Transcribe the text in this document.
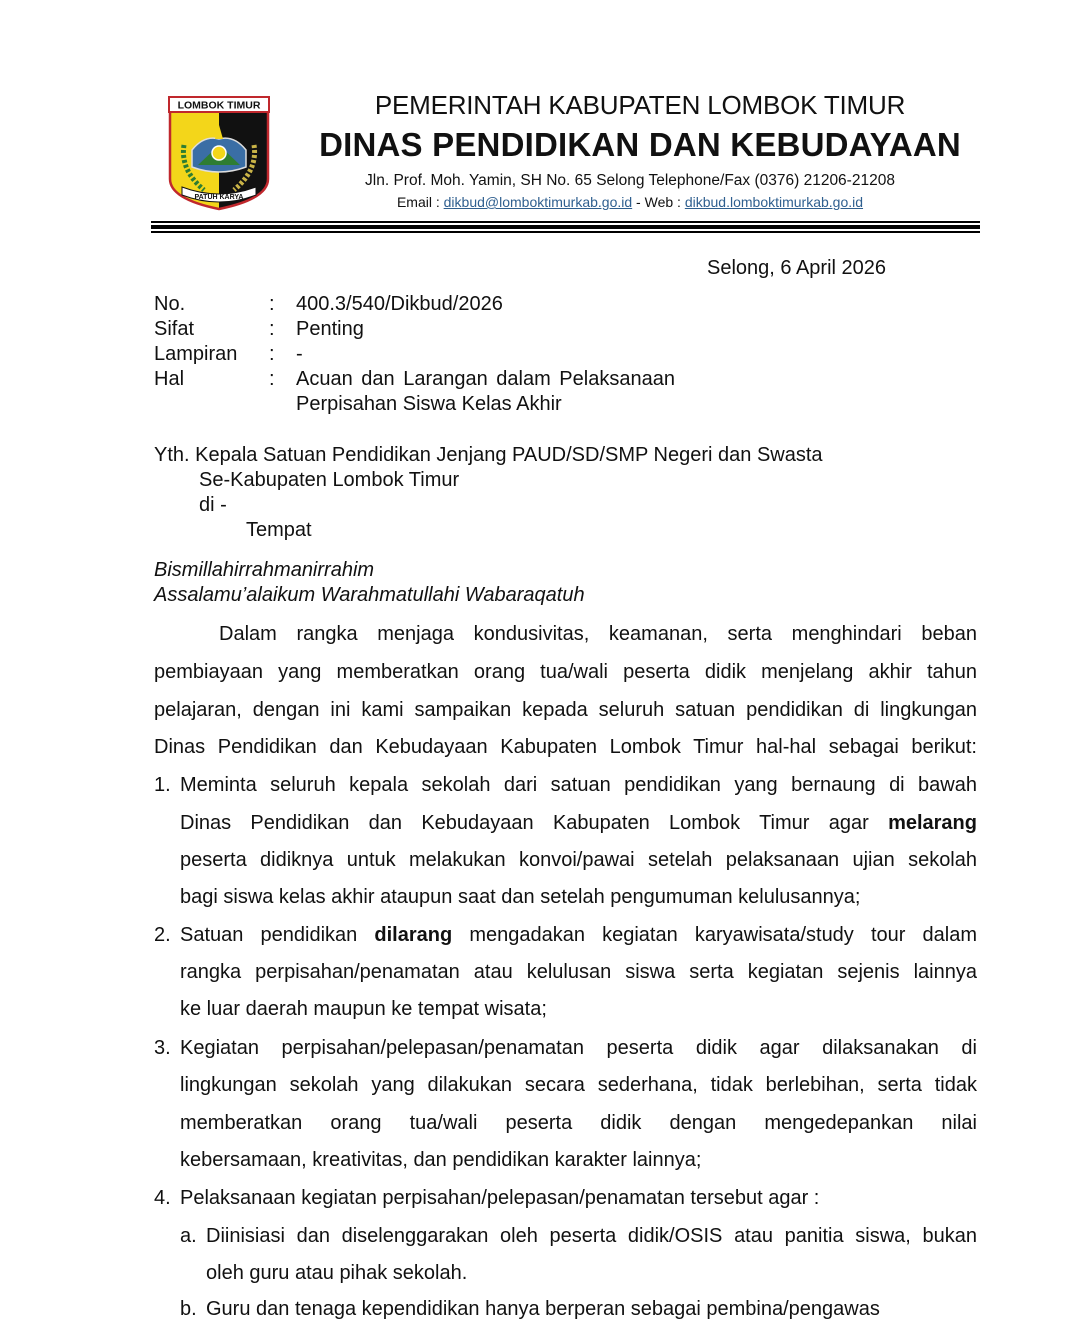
LOMBOK TIMUR
PATUH KARYA
PEMERINTAH KABUPATEN LOMBOK TIMUR
DINAS PENDIDIKAN DAN KEBUDAYAAN
Jln. Prof. Moh. Yamin, SH No. 65 Selong Telephone/Fax (0376) 21206-21208
Email : dikbud@lomboktimurkab.go.id - Web : dikbud.lomboktimurkab.go.id
Selong, 6 April 2026
No.	: 400.3/540/Dikbud/2026
Sifat	: Penting
Lampiran : -
Hal	: Acuan dan Larangan dalam Pelaksanaan
Perpisahan Siswa Kelas Akhir
Yth. Kepala Satuan Pendidikan Jenjang PAUD/SD/SMP Negeri dan Swasta
Se-Kabupaten Lombok Timur
di -
Tempat
Bismillahirrahmanirrahim
Assalamu’alaikum Warahmatullahi Wabaraqatuh
Dalam rangka menjaga kondusivitas, keamanan, serta menghindari beban
pembiayaan yang memberatkan orang tua/wali peserta didik menjelang akhir tahun
pelajaran, dengan ini kami sampaikan kepada seluruh satuan pendidikan di lingkungan
Dinas Pendidikan dan Kebudayaan Kabupaten Lombok Timur hal-hal sebagai berikut:
1. Meminta seluruh kepala sekolah dari satuan pendidikan yang bernaung di bawah
Dinas Pendidikan dan Kebudayaan Kabupaten Lombok Timur agar melarang
peserta didiknya untuk melakukan konvoi/pawai setelah pelaksanaan ujian sekolah
bagi siswa kelas akhir ataupun saat dan setelah pengumuman kelulusannya;
2. Satuan pendidikan dilarang mengadakan kegiatan karyawisata/study tour dalam
rangka perpisahan/penamatan atau kelulusan siswa serta kegiatan sejenis lainnya
ke luar daerah maupun ke tempat wisata;
3. Kegiatan perpisahan/pelepasan/penamatan peserta didik agar dilaksanakan di
lingkungan sekolah yang dilakukan secara sederhana, tidak berlebihan, serta tidak
memberatkan orang tua/wali peserta didik dengan mengedepankan nilai
kebersamaan, kreativitas, dan pendidikan karakter lainnya;
4. Pelaksanaan kegiatan perpisahan/pelepasan/penamatan tersebut agar :
a. Diinisiasi dan diselenggarakan oleh peserta didik/OSIS atau panitia siswa, bukan
oleh guru atau pihak sekolah.
b. Guru dan tenaga kependidikan hanya berperan sebagai pembina/pengawas
